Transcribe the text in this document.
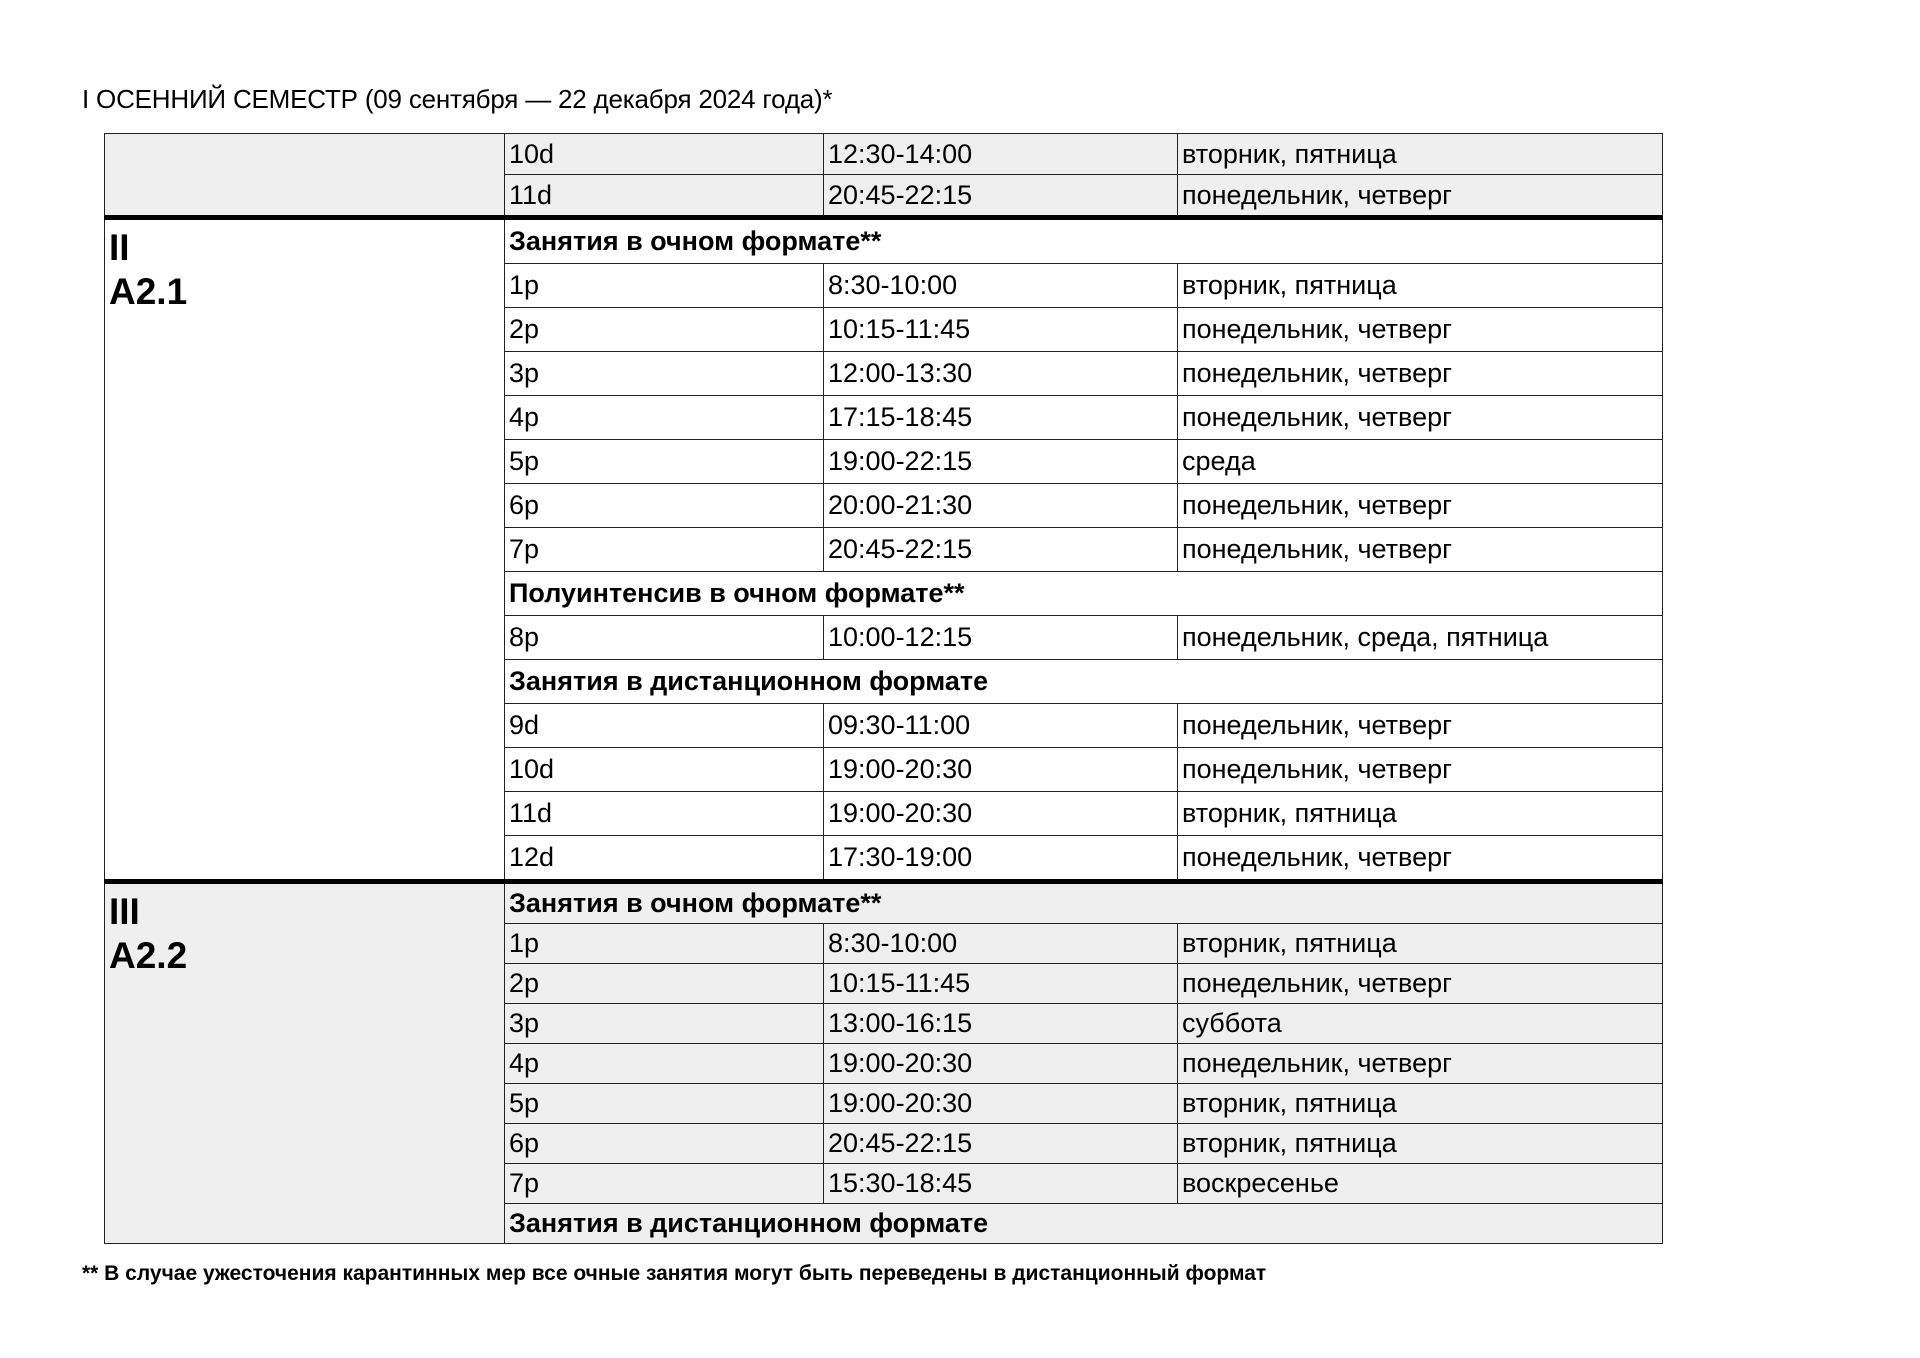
I ОСЕННИЙ СЕМЕСТР (09 сентября — 22 декабря 2024 года)*
	10d	12:30-14:00	вторник, пятница
	11d	20:45-22:15	понедельник, четверг

II
A2.1	Занятия в очном формате**		
	1p	8:30-10:00	вторник, пятница
	2p	10:15-11:45	понедельник, четверг
	3p	12:00-13:30	понедельник, четверг
	4p	17:15-18:45	понедельник, четверг
	5p	19:00-22:15	среда
	6p	20:00-21:30	понедельник, четверг
	7p	20:45-22:15	понедельник, четверг
	Полуинтенсив в очном формате**		
	8p	10:00-12:15	понедельник, среда, пятница
	Занятия в дистанционном формате		
	9d	09:30-11:00	понедельник, четверг
	10d	19:00-20:30	понедельник, четверг
	11d	19:00-20:30	вторник, пятница
	12d	17:30-19:00	понедельник, четверг

III
A2.2	Занятия в очном формате**		
	1p	8:30-10:00	вторник, пятница
	2p	10:15-11:45	понедельник, четверг
	3p	13:00-16:15	суббота
	4p	19:00-20:30	понедельник, четверг
	5p	19:00-20:30	вторник, пятница
	6p	20:45-22:15	вторник, пятница
	7p	15:30-18:45	воскресенье
	Занятия в дистанционном формате		
** В случае ужесточения карантинных мер все очные занятия могут быть переведены в дистанционный формат
